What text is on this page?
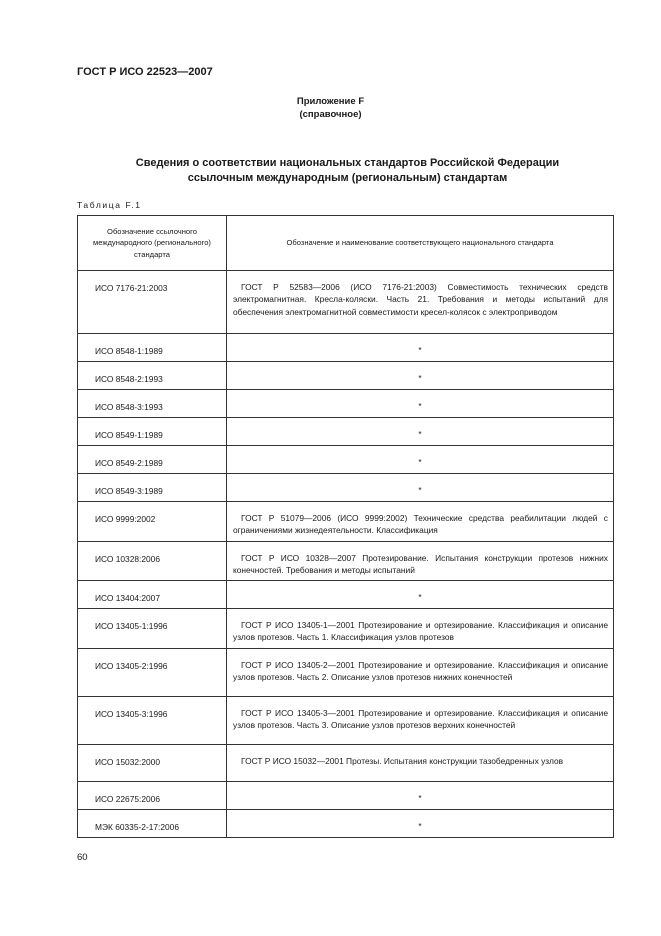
ГОСТ Р ИСО 22523—2007
Приложение F
(справочное)
Сведения о соответствии национальных стандартов Российской Федерации
ссылочным международным (региональным) стандартам
Таблица F.1
Обозначение ссылочного международного (регионального) стандарта	Обозначение и наименование соответствующего национального стандарта
ИСО 7176-21:2003	ГОСТ Р 52583—2006 (ИСО 7176-21:2003) Совместимость технических средств электромагнитная. Кресла-коляски. Часть 21. Требования и методы испытаний для обеспечения электромагнитной совместимости кресел-колясок с электроприводом
ИСО 8548-1:1989	*
ИСО 8548-2:1993	*
ИСО 8548-3:1993	*
ИСО 8549-1:1989	*
ИСО 8549-2:1989	*
ИСО 8549-3:1989	*
ИСО 9999:2002	ГОСТ Р 51079—2006 (ИСО 9999:2002) Технические средства реабилитации людей с ограничениями жизнедеятельности. Классификация
ИСО 10328:2006	ГОСТ Р ИСО 10328—2007 Протезирование. Испытания конструкции протезов нижних конечностей. Требования и методы испытаний
ИСО 13404:2007	*
ИСО 13405-1:1996	ГОСТ Р ИСО 13405-1—2001 Протезирование и ортезирование. Классификация и описание узлов протезов. Часть 1. Классификация узлов протезов
ИСО 13405-2:1996	ГОСТ Р ИСО 13405-2—2001 Протезирование и ортезирование. Классификация и описание узлов протезов. Часть 2. Описание узлов протезов нижних конечностей
ИСО 13405-3:1996	ГОСТ Р ИСО 13405-3—2001 Протезирование и ортезирование. Классификация и описание узлов протезов. Часть 3. Описание узлов протезов верхних конечностей
ИСО 15032:2000	ГОСТ Р ИСО 15032—2001 Протезы. Испытания конструкции тазобедренных узлов
ИСО 22675:2006	*
МЭК 60335-2-17:2006	*
60
